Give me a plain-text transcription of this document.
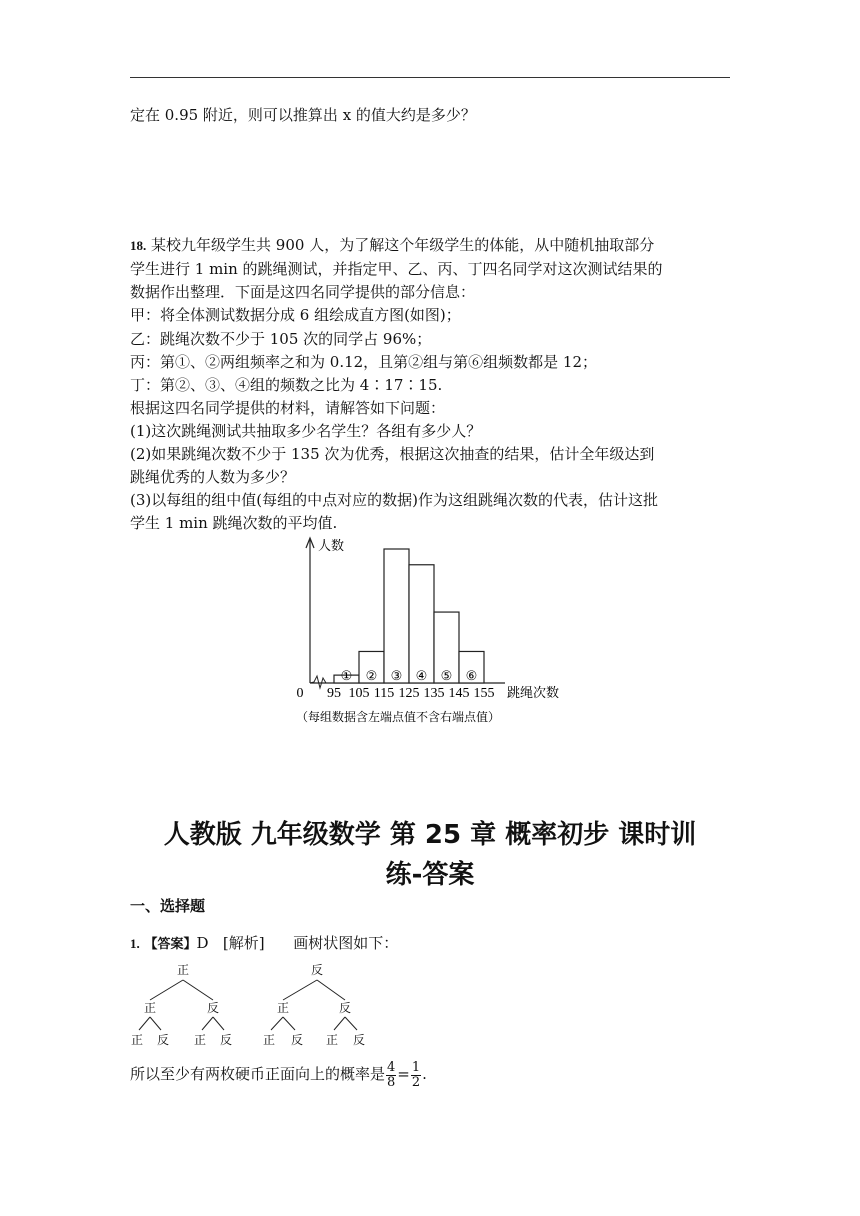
定在 0.95 附近，则可以推算出 x 的值大约是多少？
18. 某校九年级学生共 900 人，为了解这个年级学生的体能，从中随机抽取部分
学生进行 1 min 的跳绳测试，并指定甲、乙、丙、丁四名同学对这次测试结果的
数据作出整理．下面是这四名同学提供的部分信息：
甲：将全体测试数据分成 6 组绘成直方图(如图)；
乙：跳绳次数不少于 105 次的同学占 96%；
丙：第①、②两组频率之和为 0.12，且第②组与第⑥组频数都是 12；
丁：第②、③、④组的频数之比为 4∶17∶15.
根据这四名同学提供的材料，请解答如下问题：
(1)这次跳绳测试共抽取多少名学生？各组有多少人？
(2)如果跳绳次数不少于 135 次为优秀，根据这次抽查的结果，估计全年级达到
跳绳优秀的人数为多少？
(3)以每组的组中值(每组的中点对应的数据)作为这组跳绳次数的代表，估计这批
学生 1 min 跳绳次数的平均值.
① ② ③ ④ ⑤ ⑥
95 105 115 125 135 145 155
0
人数
跳绳次数
（每组数据含左端点值不含右端点值）
人教版 九年级数学 第 25 章 概率初步 课时训
练-答案
一、选择题
1. 【答案】D [解析] 画树状图如下：
正
正	反
正 反 正 反
反
正	反
正 反 正 反
所以至少有两枚硬币正面向上的概率是 $\frac{4}{8} = \frac{1}{2}$ .
